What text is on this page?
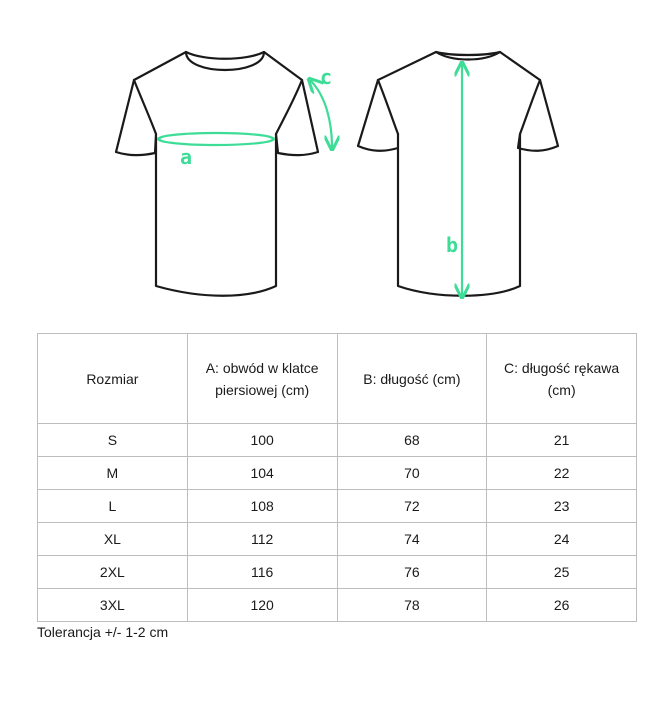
a
c
b
Rozmiar	A: obwód w klatce piersiowej (cm)	B: długość (cm)	C: długość rękawa (cm)
S	100	68	21
M	104	70	22
L	108	72	23
XL	112	74	24
2XL	116	76	25
3XL	120	78	26
Tolerancja +/- 1-2 cm
